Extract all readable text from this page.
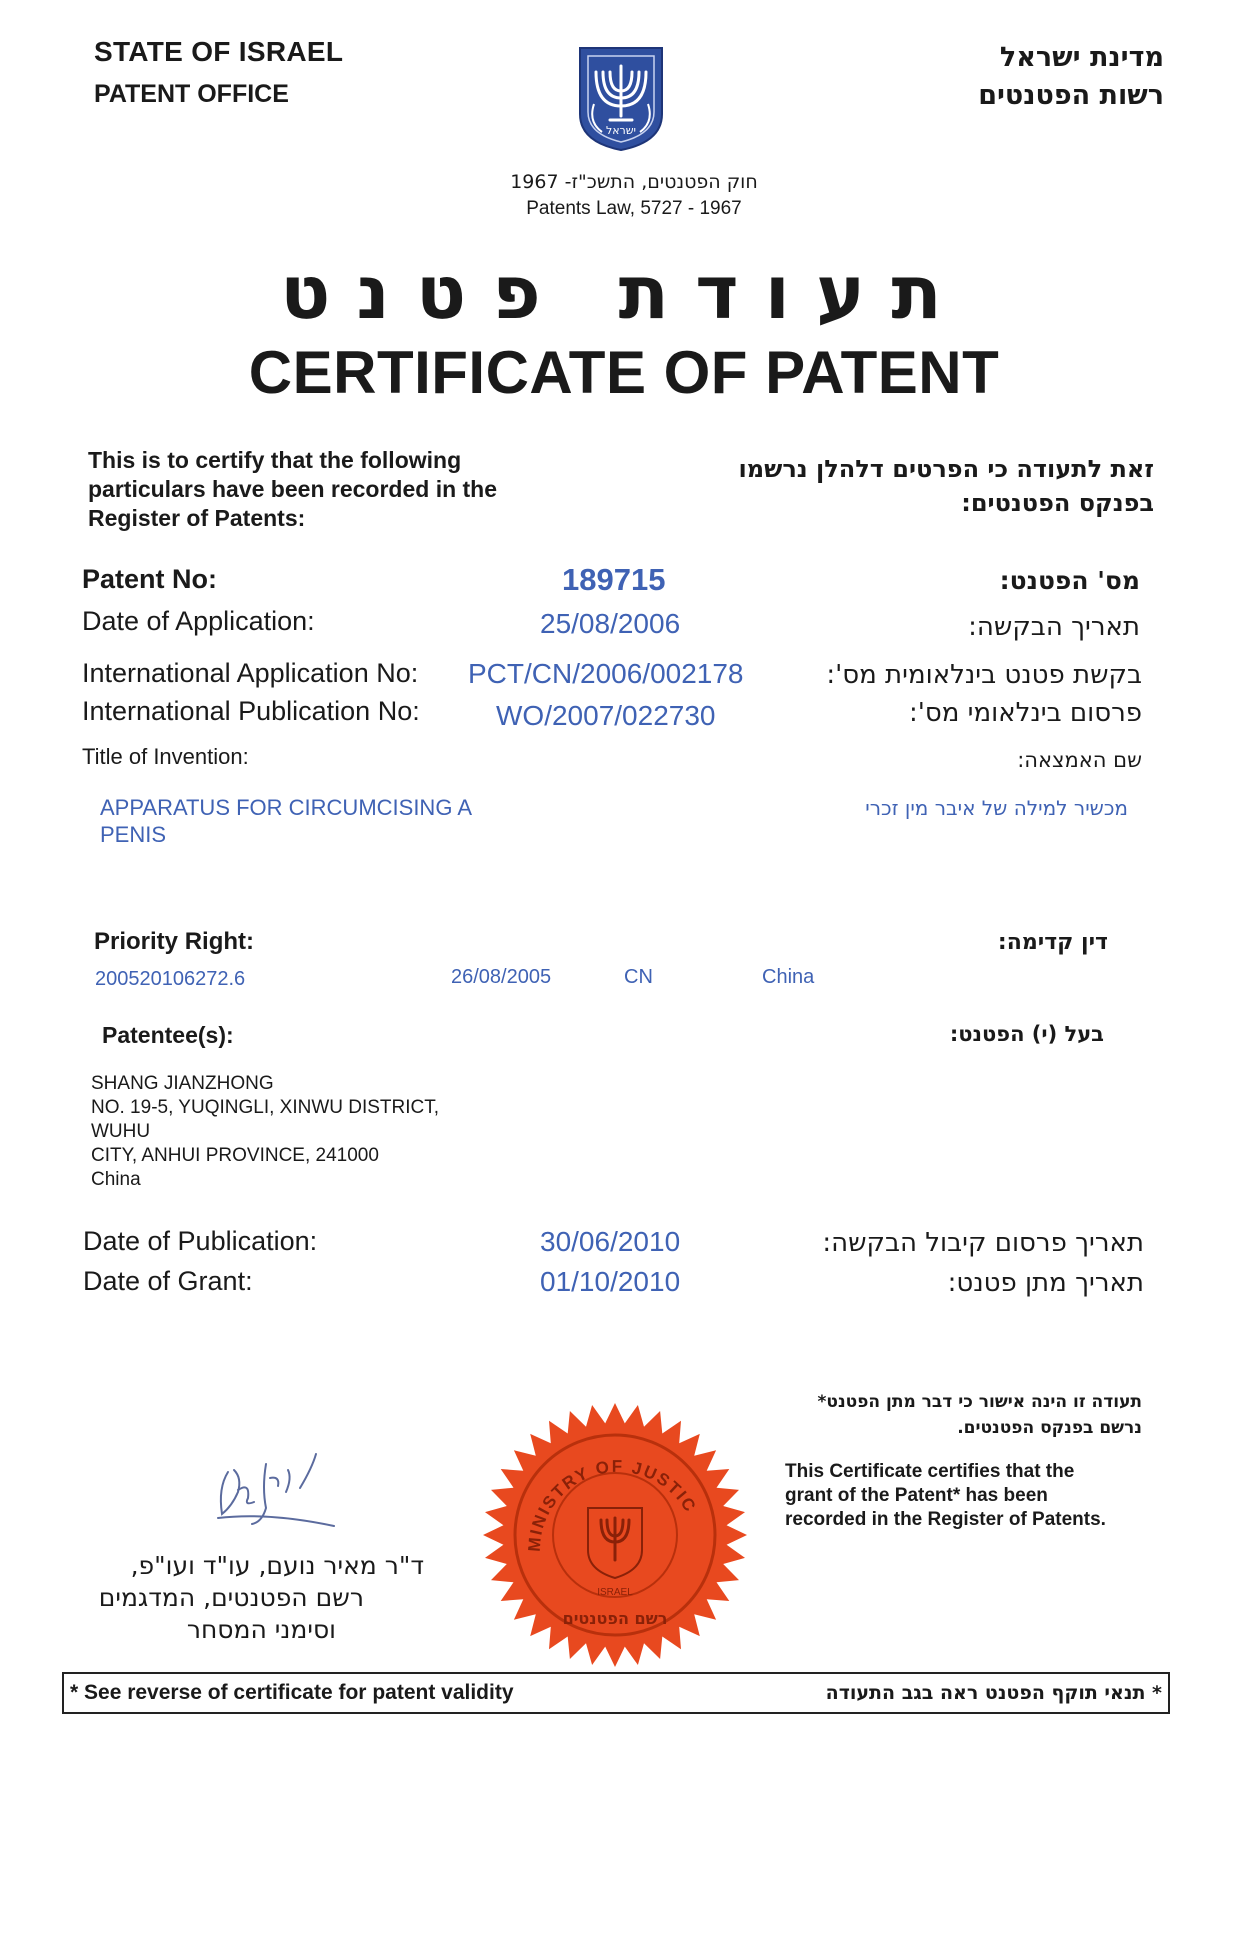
STATE OF ISRAEL
PATENT OFFICE
מדינת ישראל
רשות הפטנטים
ישראל
חוק הפטנטים, התשכ"ז- 1967
Patents Law, 5727 - 1967
תעודת פטנט
CERTIFICATE OF PATENT
This is to certify that the following particulars have been recorded in the Register of Patents:
זאת לתעודה כי הפרטים דלהלן נרשמו בפנקס הפטנטים:
Patent No:	189715	מס' הפטנט:
Date of Application:	25/08/2006	תאריך הבקשה:
International Application No: PCT/CN/2006/002178	בקשת פטנט בינלאומית מס':
International Publication No:	WO/2007/022730	פרסום בינלאומי מס':
Title of Invention:	שם האמצאה:
APPARATUS FOR CIRCUMCISING A
PENIS
מכשיר למילה של איבר מין זכרי
Priority Right:	דין קדימה:
200520106272.6	26/08/2005	CN	China
Patentee(s):	בעל (י) הפטנט:
SHANG JIANZHONG
NO. 19-5, YUQINGLI, XINWU DISTRICT,
WUHU
CITY, ANHUI PROVINCE, 241000
China
Date of Publication:	30/06/2010	תאריך פרסום קיבול הבקשה:
Date of Grant:	01/10/2010	תאריך מתן פטנט:
תעודה זו הינה אישור כי דבר מתן הפטנט*
נרשם בפנקס הפטנטים.
This Certificate certifies that the grant of the Patent* has been recorded in the Register of Patents.
ד"ר מאיר נועם, עו"ד ועו"פ,
רשם הפטנטים, המדגמים
וסימני המסחר
MINISTRY OF JUSTIC
ISRAEL
רשם הפטנטים
* See reverse of certificate for patent validity	* תנאי תוקף הפטנט ראה בגב התעודה
